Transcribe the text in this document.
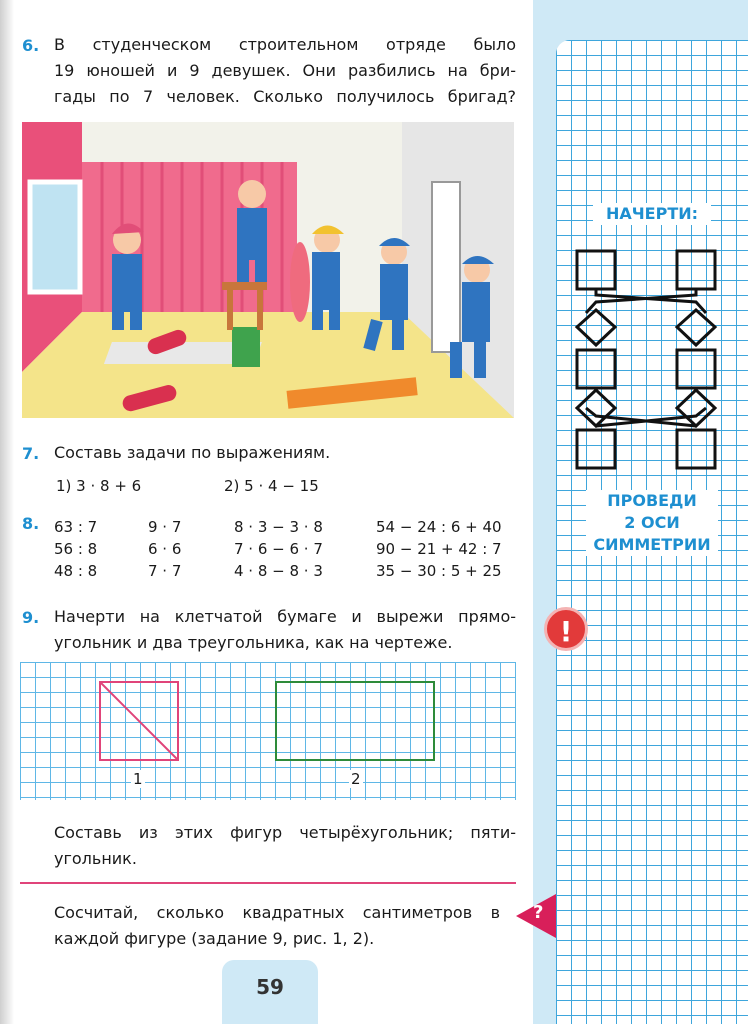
НАЧЕРТИ:
ПРОВЕДИ
2 ОСИ
СИММЕТРИИ
!
6. В студенческом строительном отряде было
19 юношей и 9 девушек. Они разбились на бри-
гады по 7 человек. Сколько получилось бригад?
7. Составь задачи по выражениям.
1) 3 · 8 + 6	2) 5 · 4 − 15
8. 63 : 7
56 : 8
48 : 8
9 · 7
6 · 6
7 · 7
8 · 3 − 3 · 8
7 · 6 − 6 · 7
4 · 8 − 8 · 3
54 − 24 : 6 + 40
90 − 21 + 42 : 7
35 − 30 : 5 + 25
9. Начерти на клетчатой бумаге и вырежи прямо-
угольник и два треугольника, как на чертеже.
1	2
Составь из этих фигур четырёхугольник; пяти-
угольник.
Сосчитай, сколько квадратных сантиметров в
каждой фигуре (задание 9, рис. 1, 2).
?
59
